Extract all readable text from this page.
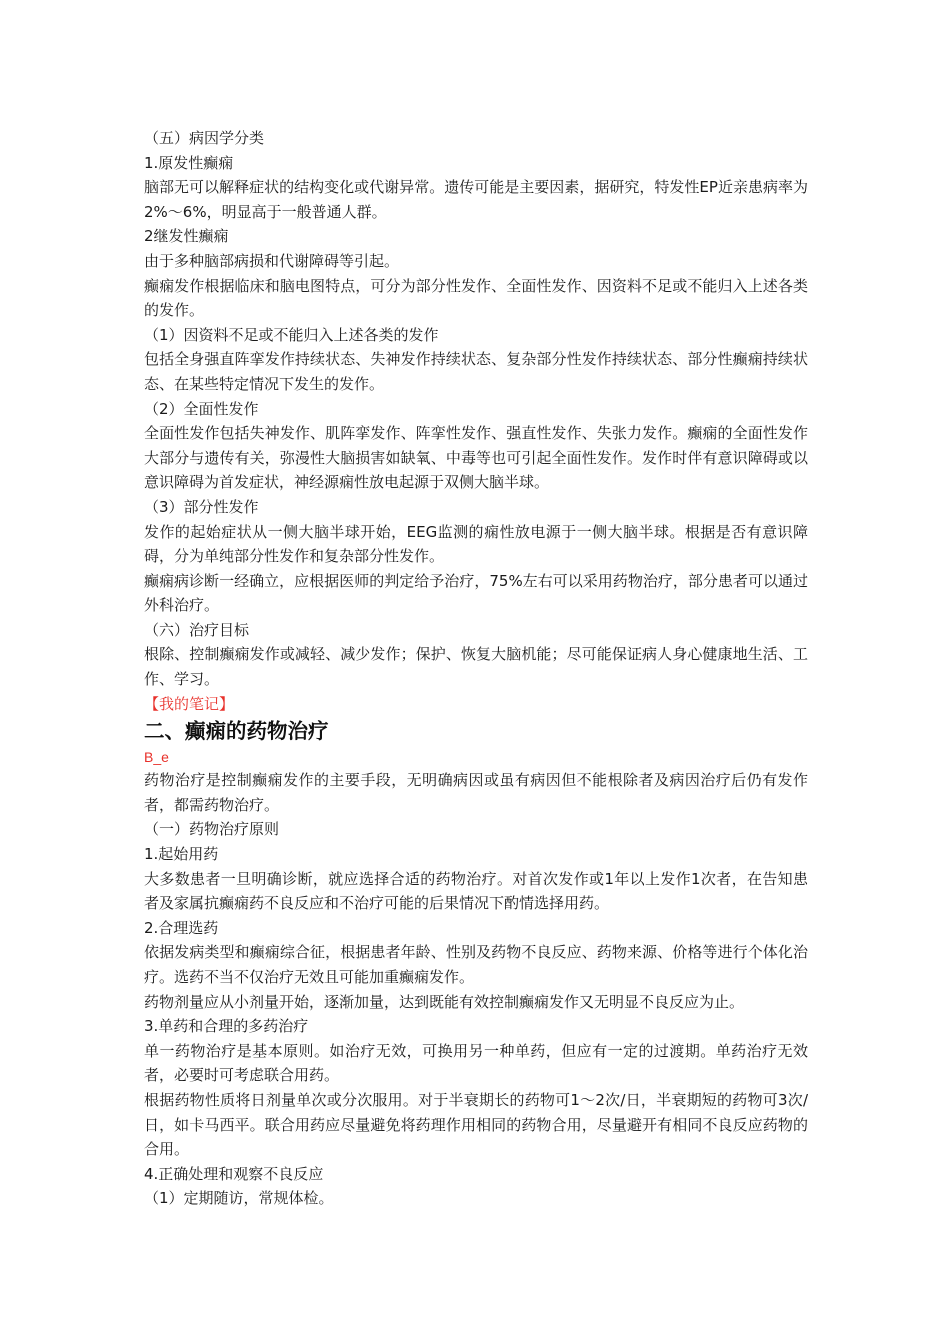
（五）病因学分类

1.原发性癫痫

脑部无可以解释症状的结构变化或代谢异常。遗传可能是主要因素，据研究，特发性EP近亲患病率为2%～6%，明显高于一般普通人群。

2继发性癫痫

由于多种脑部病损和代谢障碍等引起。

癫痫发作根据临床和脑电图特点，可分为部分性发作、全面性发作、因资料不足或不能归入上述各类的发作。

（1）因资料不足或不能归入上述各类的发作

包括全身强直阵挛发作持续状态、失神发作持续状态、复杂部分性发作持续状态、部分性癫痫持续状态、在某些特定情况下发生的发作。

（2）全面性发作

全面性发作包括失神发作、肌阵挛发作、阵挛性发作、强直性发作、失张力发作。癫痫的全面性发作大部分与遗传有关，弥漫性大脑损害如缺氧、中毒等也可引起全面性发作。发作时伴有意识障碍或以意识障碍为首发症状，神经源痫性放电起源于双侧大脑半球。

（3）部分性发作

发作的起始症状从一侧大脑半球开始，EEG监测的痫性放电源于一侧大脑半球。根据是否有意识障碍，分为单纯部分性发作和复杂部分性发作。

癫痫病诊断一经确立，应根据医师的判定给予治疗，75%左右可以采用药物治疗，部分患者可以通过外科治疗。

（六）治疗目标

根除、控制癫痫发作或减轻、减少发作；保护、恢复大脑机能；尽可能保证病人身心健康地生活、工作、学习。

【我的笔记】

二、癫痫的药物治疗

B_e

药物治疗是控制癫痫发作的主要手段，无明确病因或虽有病因但不能根除者及病因治疗后仍有发作者，都需药物治疗。

（一）药物治疗原则

1.起始用药

大多数患者一旦明确诊断，就应选择合适的药物治疗。对首次发作或1年以上发作1次者，在告知患者及家属抗癫痫药不良反应和不治疗可能的后果情况下酌情选择用药。

2.合理选药

依据发病类型和癫痫综合征，根据患者年龄、性别及药物不良反应、药物来源、价格等进行个体化治疗。选药不当不仅治疗无效且可能加重癫痫发作。

药物剂量应从小剂量开始，逐渐加量，达到既能有效控制癫痫发作又无明显不良反应为止。

3.单药和合理的多药治疗

单一药物治疗是基本原则。如治疗无效，可换用另一种单药，但应有一定的过渡期。单药治疗无效者，必要时可考虑联合用药。

根据药物性质将日剂量单次或分次服用。对于半衰期长的药物可1～2次/日，半衰期短的药物可3次/日，如卡马西平。联合用药应尽量避免将药理作用相同的药物合用，尽量避开有相同不良反应药物的合用。

4.正确处理和观察不良反应

（1）定期随访，常规体检。
